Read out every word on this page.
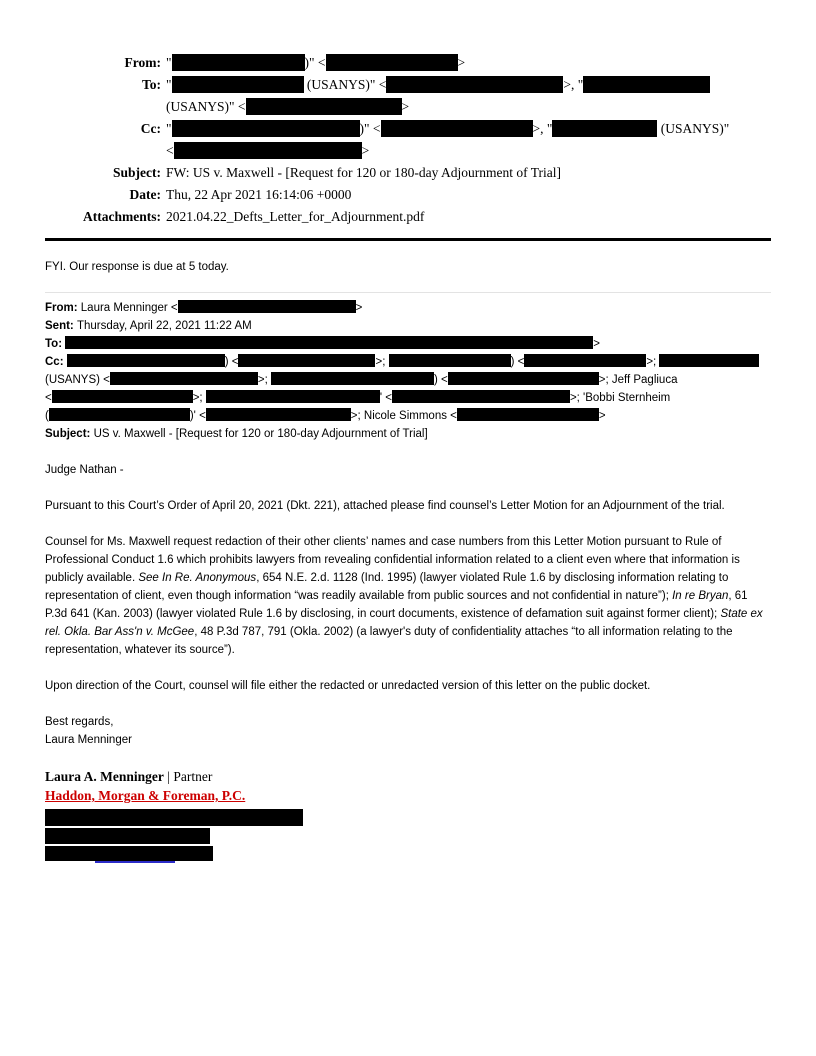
From: "	)" <	>
To: "	(USANYS)" <	>, "
(USANYS)" <	>
Cc: "	)" <	>, "	(USANYS)"
<	>
Subject: FW: US v. Maxwell - [Request for 120 or 180-day Adjournment of Trial]
Date: Thu, 22 Apr 2021 16:14:06 +0000
Attachments: 2021.04.22_Defts_Letter_for_Adjournment.pdf
FYI. Our response is due at 5 today.
From: Laura Menninger <	>
Sent: Thursday, April 22, 2021 11:22 AM
To:	>
Cc:	) <	>;	) <	>;
(USANYS) <	>;	) <	>; Jeff Pagliuca
<	>;	' <	>; 'Bobbi Sternheim
(	)' <	>; Nicole Simmons <	>
Subject: US v. Maxwell - [Request for 120 or 180-day Adjournment of Trial]

Judge Nathan -

Pursuant to this Court’s Order of April 20, 2021 (Dkt. 221), attached please find counsel’s Letter Motion for an Adjournment of the trial.

Counsel for Ms. Maxwell request redaction of their other clients’ names and case numbers from this Letter Motion pursuant to Rule of Professional Conduct 1.6 which prohibits lawyers from revealing confidential information related to a client even where that information is publicly available. See In Re. Anonymous, 654 N.E. 2.d. 1128 (Ind. 1995) (lawyer violated Rule 1.6 by disclosing information relating to representation of client, even though information “was readily available from public sources and not confidential in nature”); In re Bryan, 61 P.3d 641 (Kan. 2003) (lawyer violated Rule 1.6 by disclosing, in court documents, existence of defamation suit against former client); State ex rel. Okla. Bar Ass'n v. McGee, 48 P.3d 787, 791 (Okla. 2002) (a lawyer's duty of confidentiality attaches “to all information relating to the representation, whatever its source”).

Upon direction of the Court, counsel will file either the redacted or unredacted version of this letter on the public docket.

Best regards,
Laura Menninger

Laura A. Menninger | Partner
Haddon, Morgan & Foreman, P.C.
